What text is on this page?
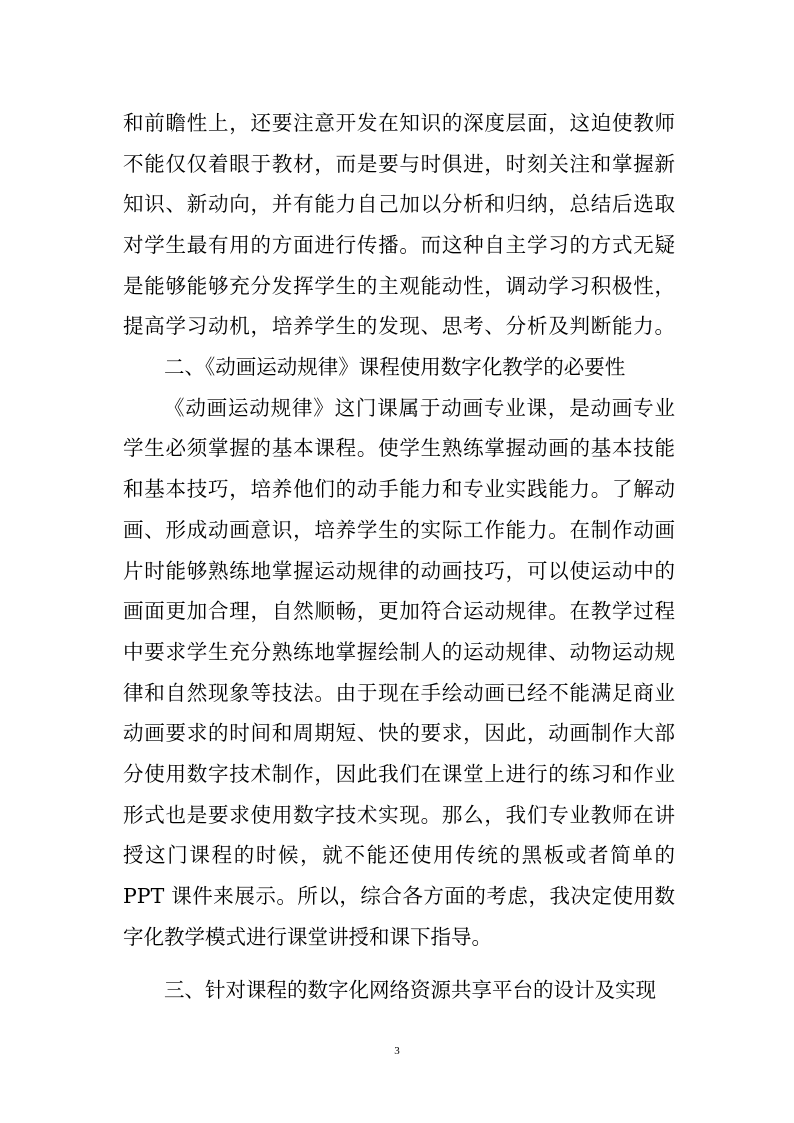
和前瞻性上，还要注意开发在知识的深度层面，这迫使教师
不能仅仅着眼于教材，而是要与时俱进，时刻关注和掌握新
知识、新动向，并有能力自己加以分析和归纳，总结后选取
对学生最有用的方面进行传播。而这种自主学习的方式无疑
是能够能够充分发挥学生的主观能动性，调动学习积极性，
提高学习动机，培养学生的发现、思考、分析及判断能力。
二、《动画运动规律》课程使用数字化教学的必要性
《动画运动规律》这门课属于动画专业课，是动画专业
学生必须掌握的基本课程。使学生熟练掌握动画的基本技能
和基本技巧，培养他们的动手能力和专业实践能力。了解动
画、形成动画意识，培养学生的实际工作能力。在制作动画
片时能够熟练地掌握运动规律的动画技巧，可以使运动中的
画面更加合理，自然顺畅，更加符合运动规律。在教学过程
中要求学生充分熟练地掌握绘制人的运动规律、动物运动规
律和自然现象等技法。由于现在手绘动画已经不能满足商业
动画要求的时间和周期短、快的要求，因此，动画制作大部
分使用数字技术制作，因此我们在课堂上进行的练习和作业
形式也是要求使用数字技术实现。那么，我们专业教师在讲
授这门课程的时候，就不能还使用传统的黑板或者简单的
PPT 课件来展示。所以，综合各方面的考虑，我决定使用数
字化教学模式进行课堂讲授和课下指导。
三、针对课程的数字化网络资源共享平台的设计及实现
3
